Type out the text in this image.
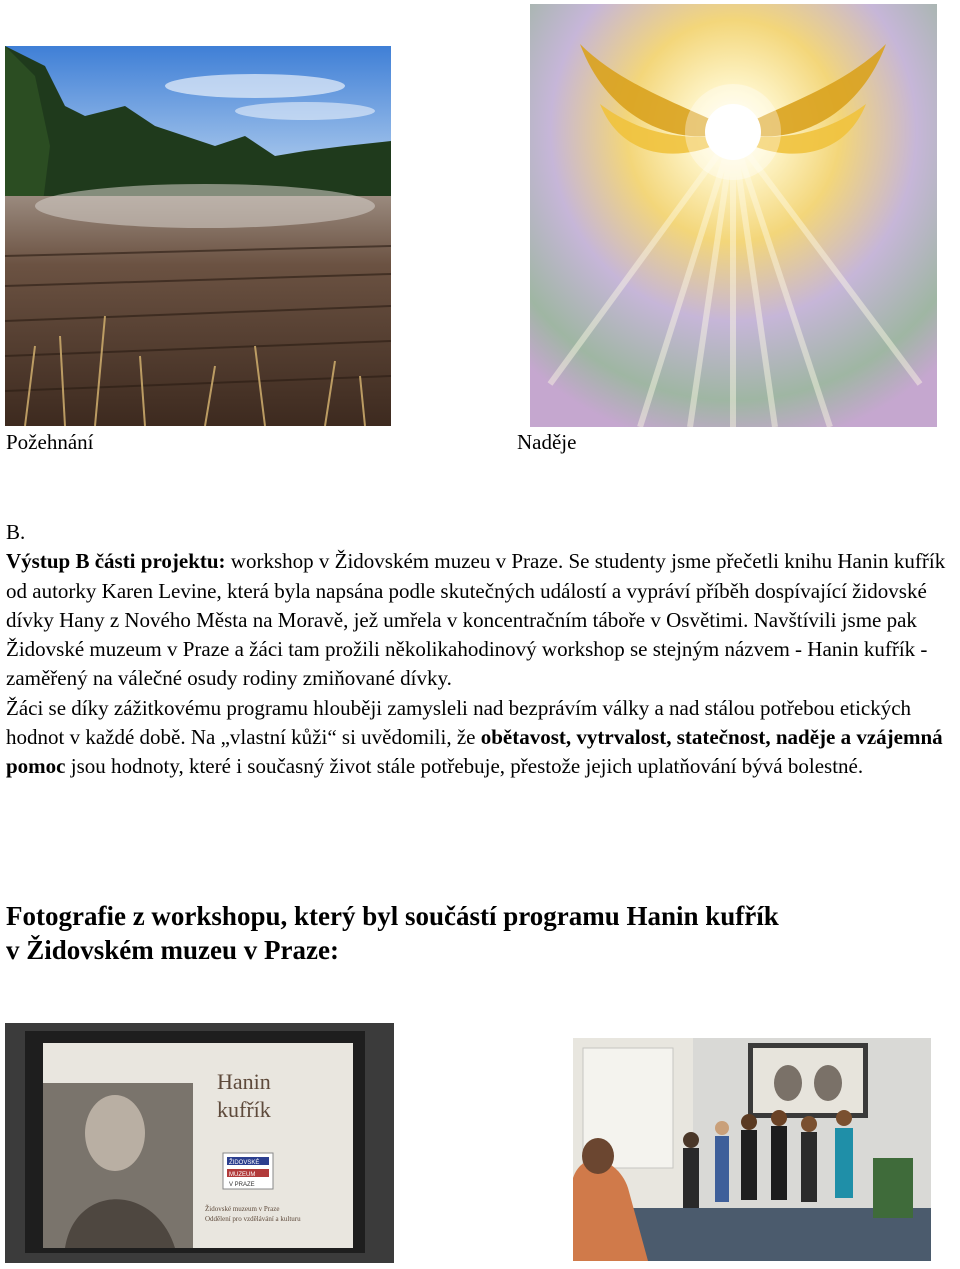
Požehnání	Naděje

B.

Výstup B části projektu: workshop v Židovském muzeu v Praze. Se studenty jsme přečetli knihu Hanin kufřík od autorky Karen Levine, která byla napsána podle skutečných událostí a vypráví příběh dospívající židovské dívky Hany z Nového Města na Moravě, jež umřela v koncentračním táboře v Osvětimi. Navštívili jsme pak Židovské muzeum v Praze a žáci tam prožili několikahodinový workshop se stejným názvem - Hanin kufřík - zaměřený na válečné osudy rodiny zmiňované dívky.

Žáci se díky zážitkovému programu hlouběji zamysleli nad bezprávím války a nad stálou potřebou etických hodnot v každé době. Na „vlastní kůži“ si uvědomili, že obětavost, vytrvalost, statečnost, naděje a vzájemná pomoc jsou hodnoty, které i současný život stále potřebuje, přestože jejich uplatňování bývá bolestné.

Fotografie z workshopu, který byl součástí programu Hanin kufřík
v Židovském muzeu v Praze:
Hanin
kufřík
ŽIDOVSKÉ
MUZEUM
V PRAZE
Židovské muzeum v Praze
Oddělení pro vzdělávání a kulturu
